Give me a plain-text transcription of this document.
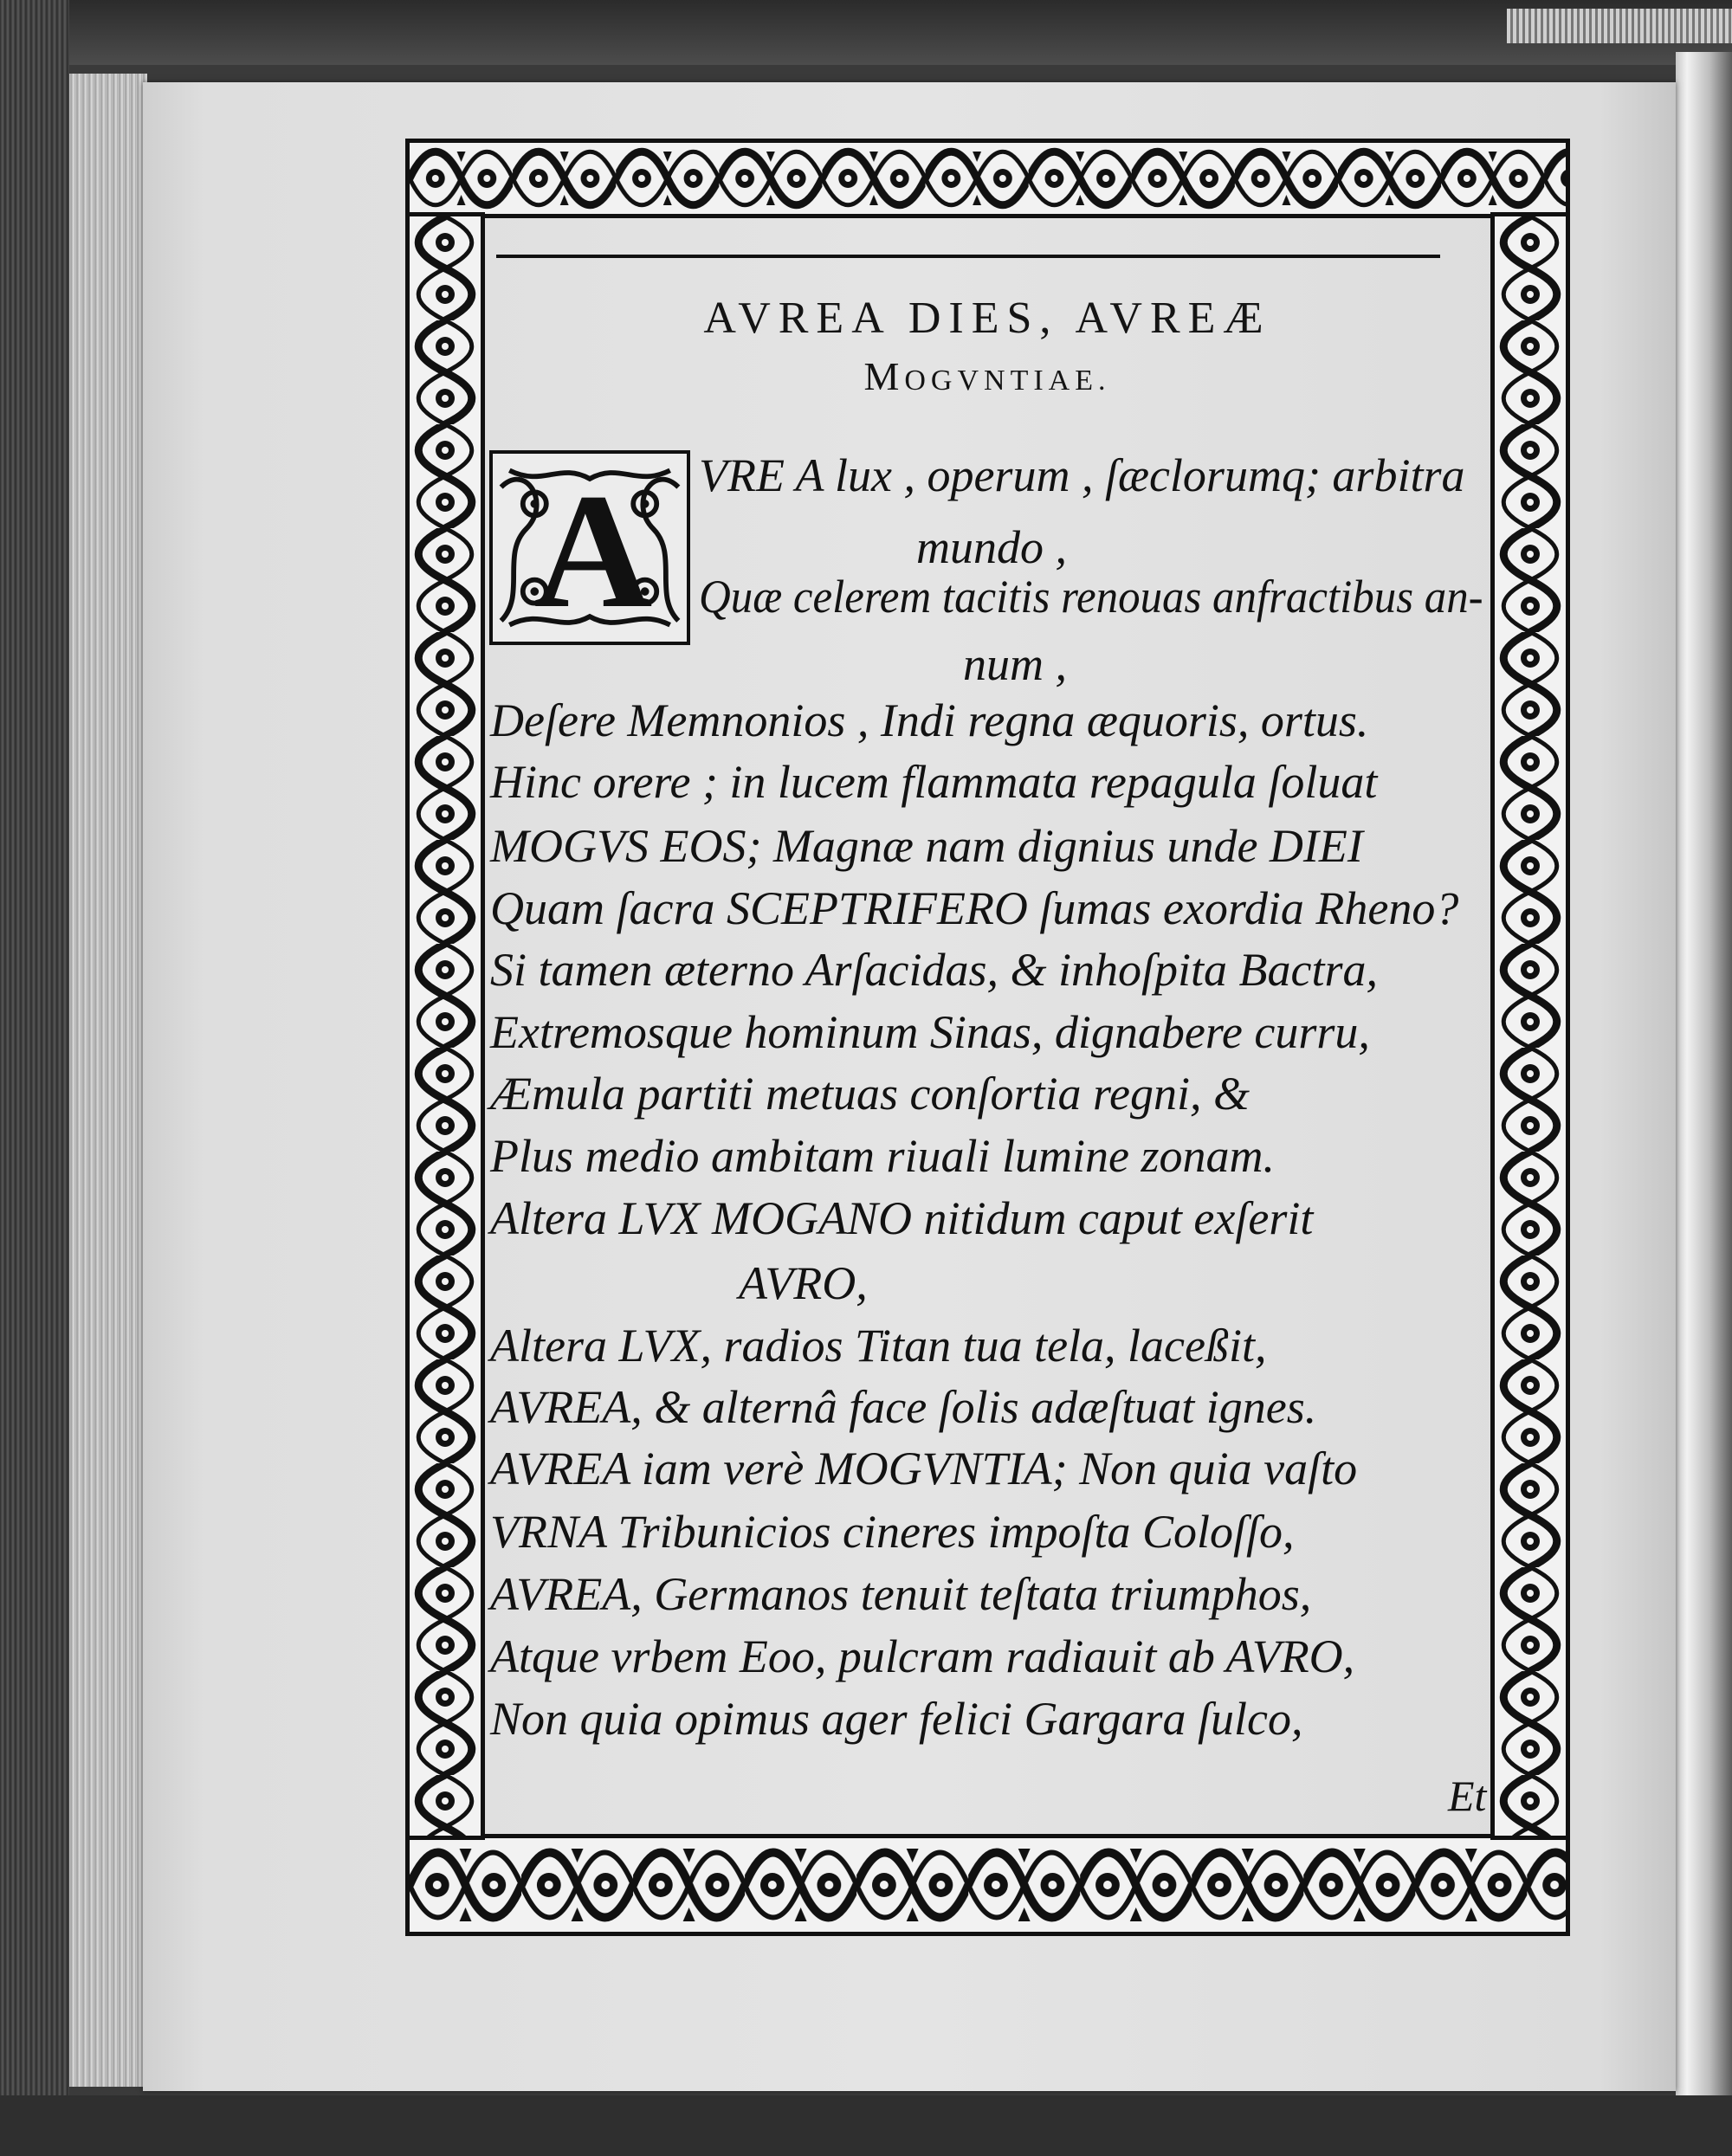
AVREA DIES, AVREÆ
MOGVNTIAE.
A VRE A lux , operum , ſæclorumq; arbitra
mundo ,
Quæ celerem tacitis renouas anfractibus an-
num ,
Deſere Memnonios , Indi regna æquoris, ortus.
Hinc orere ; in lucem flammata repagula ſoluat
MOGVS EOS; Magnæ nam dignius unde DIEI
Quam ſacra SCEPTRIFERO ſumas exordia Rheno?
Si tamen æterno Arſacidas, & inhoſpita Bactra,
Extremosque hominum Sinas, dignabere curru,
Æmula partiti metuas conſortia regni, &
Plus medio ambitam riuali lumine zonam.
Altera LVX MOGANO nitidum caput exſerit
AVRO,
Altera LVX, radios Titan tua tela, laceßit,
AVREA, & alternâ face ſolis adæſtuat ignes.
AVREA iam verè MOGVNTIA; Non quia vaſto
VRNA Tribunicios cineres impoſta Coloſſo,
AVREA, Germanos tenuit teſtata triumphos,
Atque vrbem Eoo, pulcram radiauit ab AVRO,
Non quia opimus ager felici Gargara ſulco,
Et
